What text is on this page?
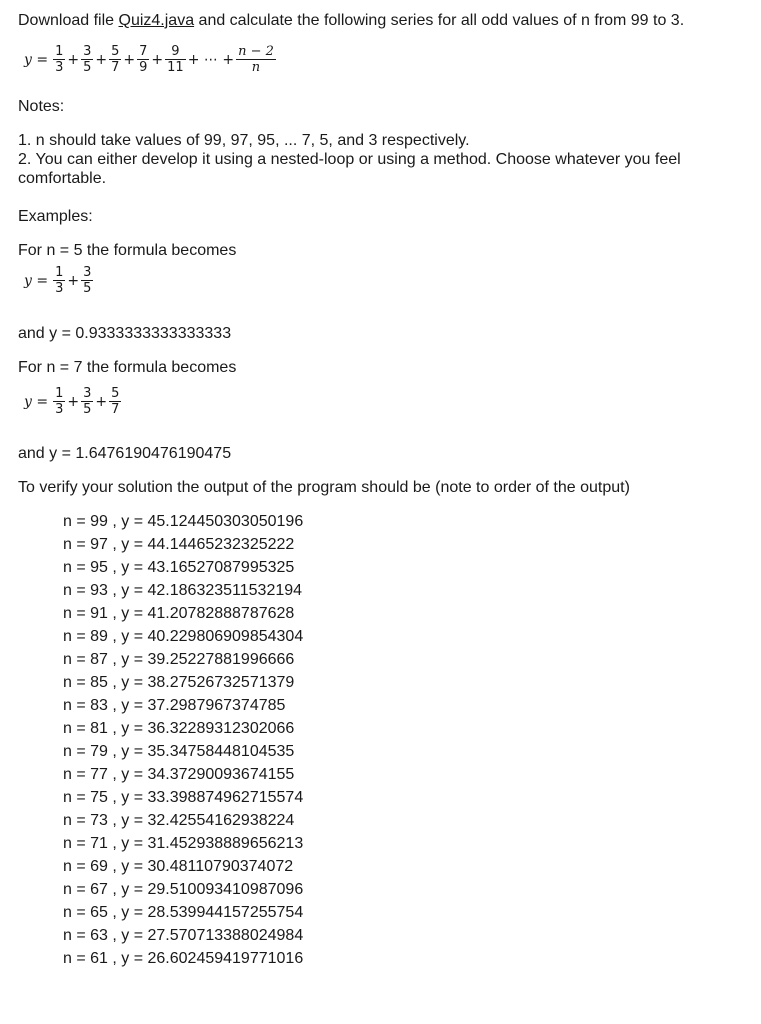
Download file Quiz4.java and calculate the following series for all odd values of n from 99 to 3.
$y = \frac{1}{3} + \frac{3}{5} + \frac{5}{7} + \frac{7}{9} + \frac{9}{11}$ + ⋯ + $\frac{n - 2}{n}$
Notes:
1. n should take values of 99, 97, 95, ... 7, 5, and 3 respectively.
2. You can either develop it using a nested-loop or using a method. Choose whatever you feel
comfortable.
Examples:
For n = 5 the formula becomes
$y = \frac{1}{3} + \frac{3}{5}$
and y = 0.9333333333333333
For n = 7 the formula becomes
$y = \frac{1}{3} + \frac{3}{5} + \frac{5}{7}$
and y = 1.6476190476190475
To verify your solution the output of the program should be (note to order of the output)
n = 99 , y = 45.124450303050196
n = 97 , y = 44.14465232325222
n = 95 , y = 43.16527087995325
n = 93 , y = 42.186323511532194
n = 91 , y = 41.20782888787628
n = 89 , y = 40.229806909854304
n = 87 , y = 39.25227881996666
n = 85 , y = 38.27526732571379
n = 83 , y = 37.2987967374785
n = 81 , y = 36.32289312302066
n = 79 , y = 35.34758448104535
n = 77 , y = 34.37290093674155
n = 75 , y = 33.398874962715574
n = 73 , y = 32.42554162938224
n = 71 , y = 31.452938889656213
n = 69 , y = 30.48110790374072
n = 67 , y = 29.510093410987096
n = 65 , y = 28.539944157255754
n = 63 , y = 27.570713388024984
n = 61 , y = 26.602459419771016
